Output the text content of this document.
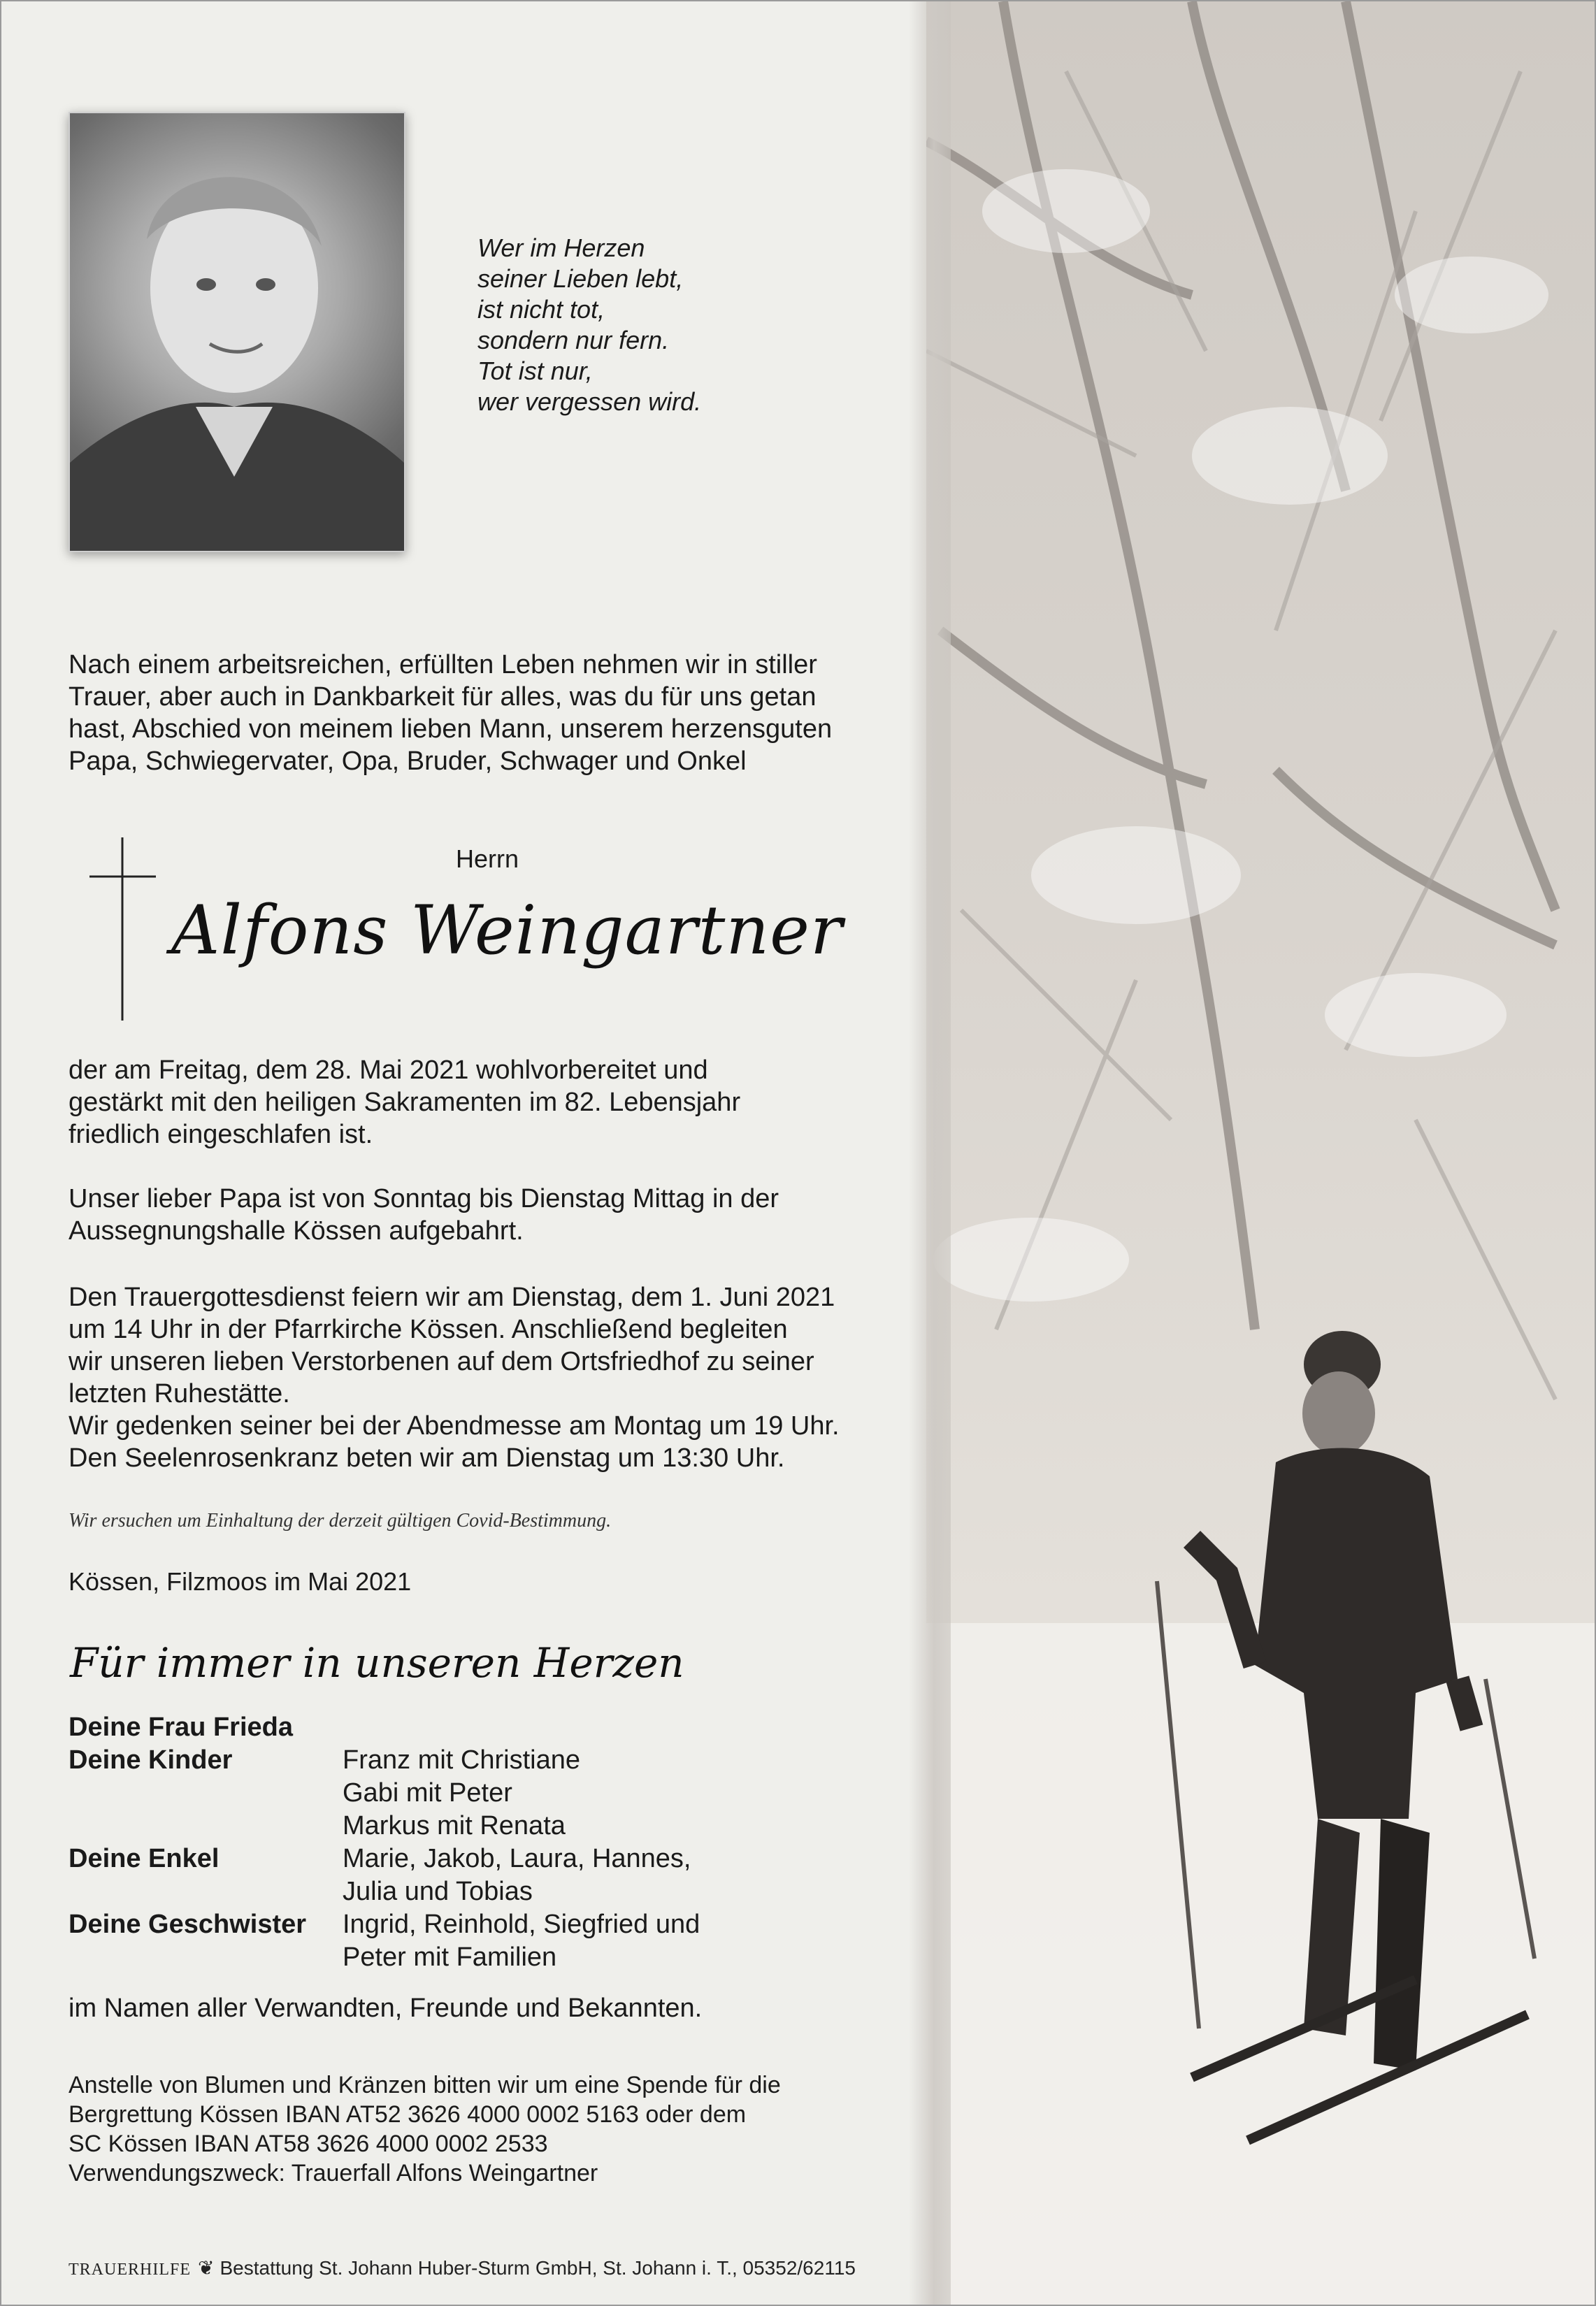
Wer im Herzen
seiner Lieben lebt,
ist nicht tot,
sondern nur fern.
Tot ist nur,
wer vergessen wird.
Nach einem arbeitsreichen, erfüllten Leben nehmen wir in stiller
Trauer, aber auch in Dankbarkeit für alles, was du für uns getan
hast, Abschied von meinem lieben Mann, unserem herzensguten
Papa, Schwiegervater, Opa, Bruder, Schwager und Onkel
Herrn
Alfons Weingartner
der am Freitag, dem 28. Mai 2021 wohlvorbereitet und
gestärkt mit den heiligen Sakramenten im 82. Lebensjahr
friedlich eingeschlafen ist.
Unser lieber Papa ist von Sonntag bis Dienstag Mittag in der
Aussegnungshalle Kössen aufgebahrt.
Den Trauergottesdienst feiern wir am Dienstag, dem 1. Juni 2021
um 14 Uhr in der Pfarrkirche Kössen. Anschließend begleiten
wir unseren lieben Verstorbenen auf dem Ortsfriedhof zu seiner
letzten Ruhestätte.
Wir gedenken seiner bei der Abendmesse am Montag um 19 Uhr.
Den Seelenrosenkranz beten wir am Dienstag um 13:30 Uhr.
Wir ersuchen um Einhaltung der derzeit gültigen Covid-Bestimmung.
Kössen, Filzmoos im Mai 2021
Für immer in unseren Herzen
Deine Frau Frieda
Deine Kinder	Franz mit Christiane
Gabi mit Peter
Markus mit Renata
Deine Enkel	Marie, Jakob, Laura, Hannes,
Julia und Tobias
Deine Geschwister Ingrid, Reinhold, Siegfried und
Peter mit Familien
im Namen aller Verwandten, Freunde und Bekannten.
Anstelle von Blumen und Kränzen bitten wir um eine Spende für die
Bergrettung Kössen IBAN AT52 3626 4000 0002 5163 oder dem
SC Kössen IBAN AT58 3626 4000 0002 2533
Verwendungszweck: Trauerfall Alfons Weingartner
TRAUERHILFE ❦ Bestattung St. Johann Huber-Sturm GmbH, St. Johann i. T., 05352/62115
